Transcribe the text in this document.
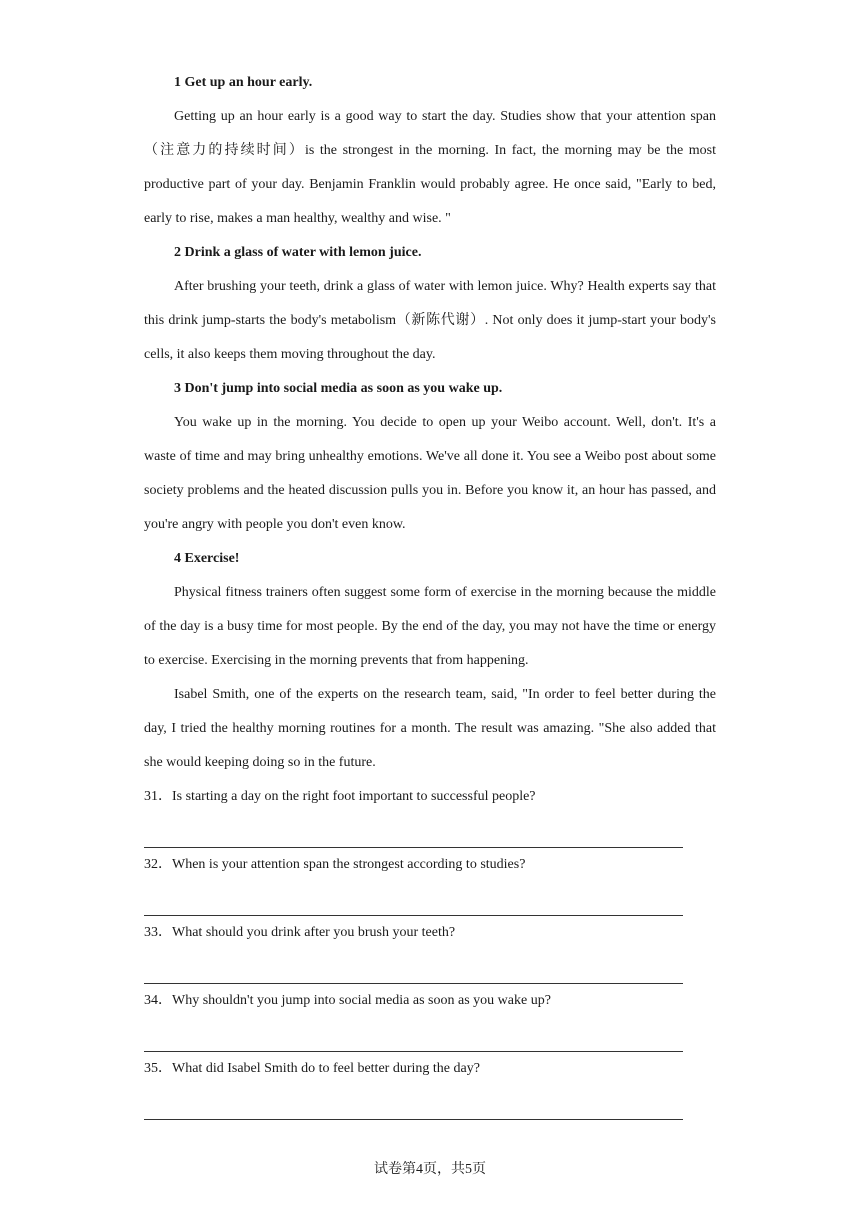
1 Get up an hour early.

Getting up an hour early is a good way to start the day. Studies show that your attention span （注意力的持续时间）is the strongest in the morning. In fact, the morning may be the most productive part of your day. Benjamin Franklin would probably agree. He once said, "Early to bed, early to rise, makes a man healthy, wealthy and wise. "

2 Drink a glass of water with lemon juice.

After brushing your teeth, drink a glass of water with lemon juice. Why? Health experts say that this drink jump-starts the body's metabolism（新陈代谢）. Not only does it jump-start your body's cells, it also keeps them moving throughout the day.

3 Don't jump into social media as soon as you wake up.

You wake up in the morning. You decide to open up your Weibo account. Well, don't. It's a waste of time and may bring unhealthy emotions. We've all done it. You see a Weibo post about some society problems and the heated discussion pulls you in. Before you know it, an hour has passed, and you're angry with people you don't even know.

4 Exercise!

Physical fitness trainers often suggest some form of exercise in the morning because the middle of the day is a busy time for most people. By the end of the day, you may not have the time or energy to exercise. Exercising in the morning prevents that from happening.

Isabel Smith, one of the experts on the research team, said, "In order to feel better during the day, I tried the healthy morning routines for a month. The result was amazing. "She also added that she would keeping doing so in the future.

31．Is starting a day on the right foot important to successful people?

32．When is your attention span the strongest according to studies?

33．What should you drink after you brush your teeth?

34．Why shouldn't you jump into social media as soon as you wake up?

35．What did Isabel Smith do to feel better during the day?

试卷第4页，共5页
